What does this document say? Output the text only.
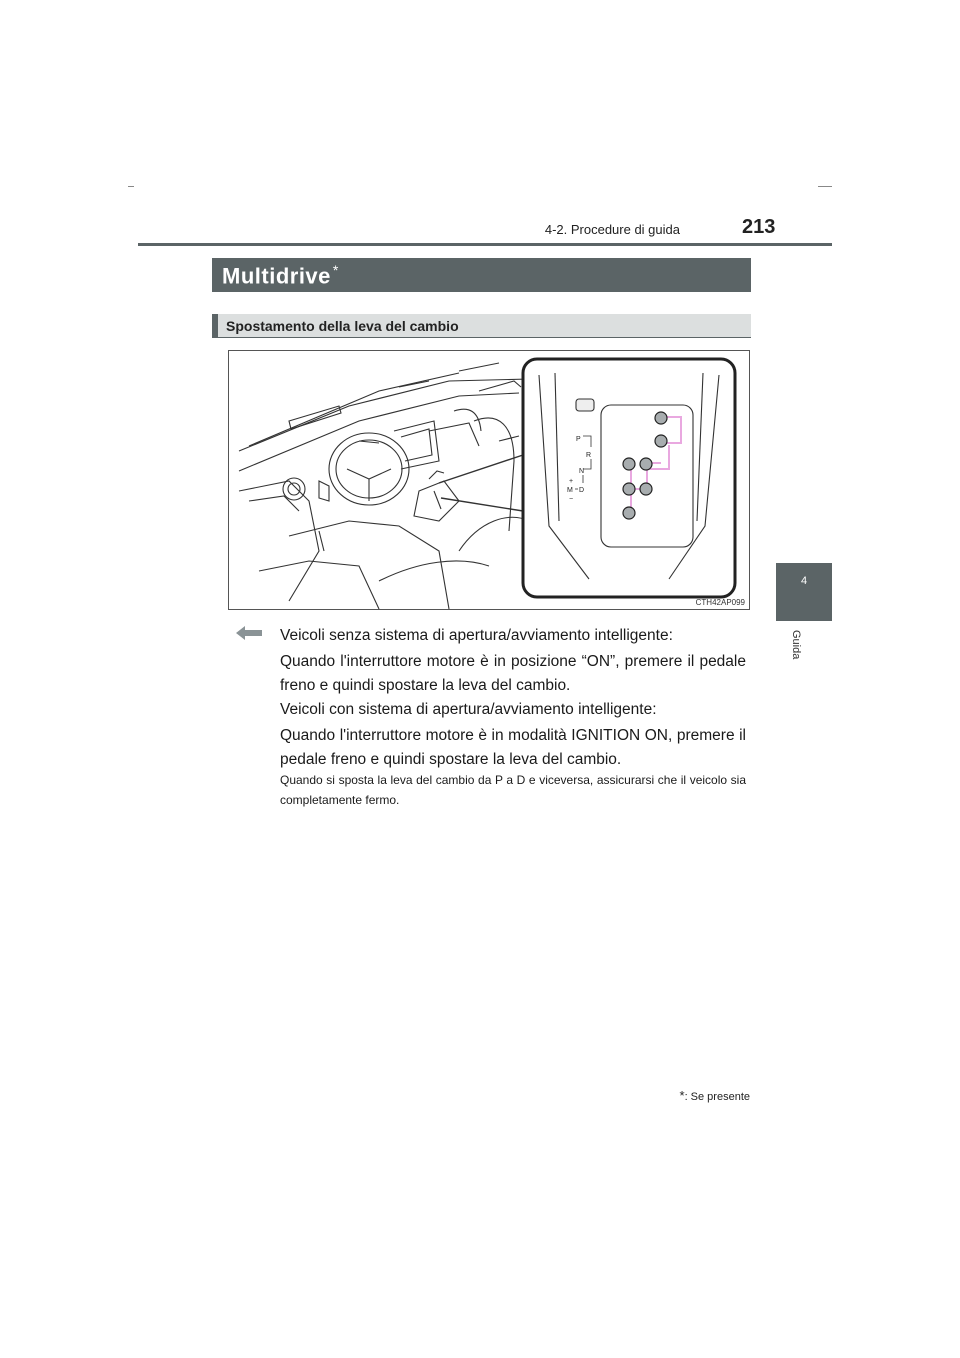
4-2. Procedure di guida	213
4
Guida
Multidrive *
Spostamento della leva del cambio
P
R
N
+
M D
−
CTH42AP099
Veicoli senza sistema di apertura/avviamento intelligente:
Quando l'interruttore motore è in posizione “ON”, premere il pedale freno e quindi spostare la leva del cambio.
Veicoli con sistema di apertura/avviamento intelligente:
Quando l'interruttore motore è in modalità IGNITION ON, premere il pedale freno e quindi spostare la leva del cambio.
Quando si sposta la leva del cambio da P a D e viceversa, assicurarsi che il veicolo sia completamente fermo.
*: Se presente
